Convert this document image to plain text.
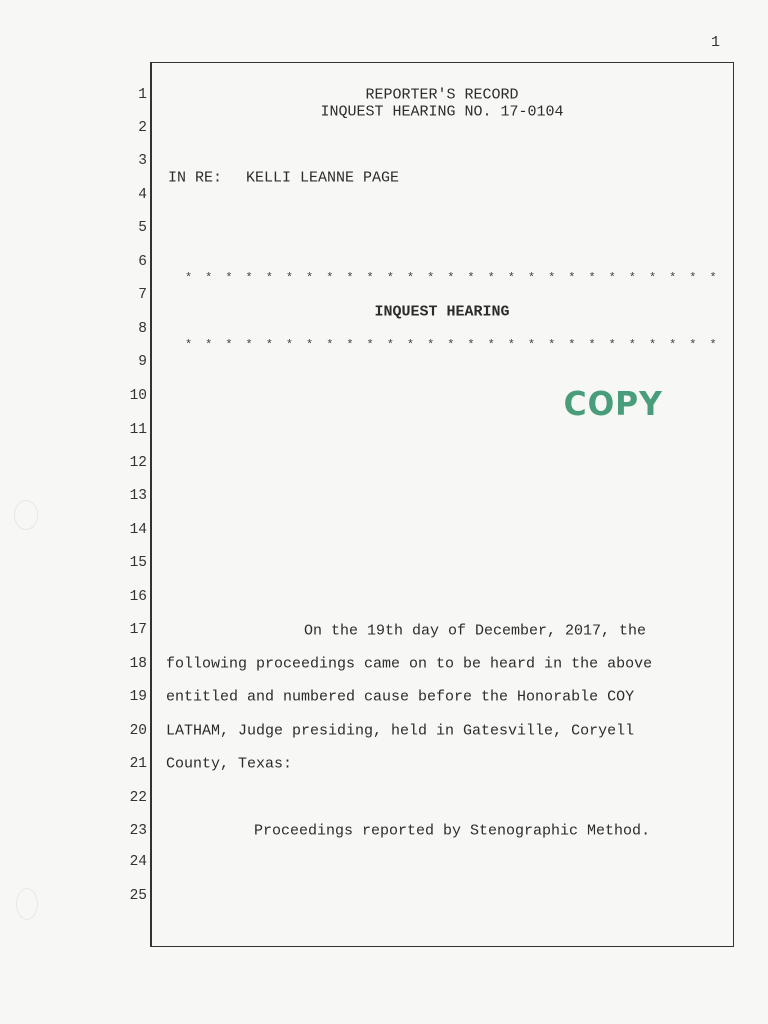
1
1
2
3
4
5
6
7
8
9
10
11
12
13
14
15
16
17
18
19
20
21
22
23
24
25
REPORTER'S RECORD
INQUEST HEARING NO. 17-0104
IN RE: KELLI LEANNE PAGE
* * * * * * * * * * * * * * * * * * * * * * * * * * *
INQUEST HEARING
* * * * * * * * * * * * * * * * * * * * * * * * * * *
COPY
On the 19th day of December, 2017, the
following proceedings came on to be heard in the above
entitled and numbered cause before the Honorable COY
LATHAM, Judge presiding, held in Gatesville, Coryell
County, Texas:
Proceedings reported by Stenographic Method.
